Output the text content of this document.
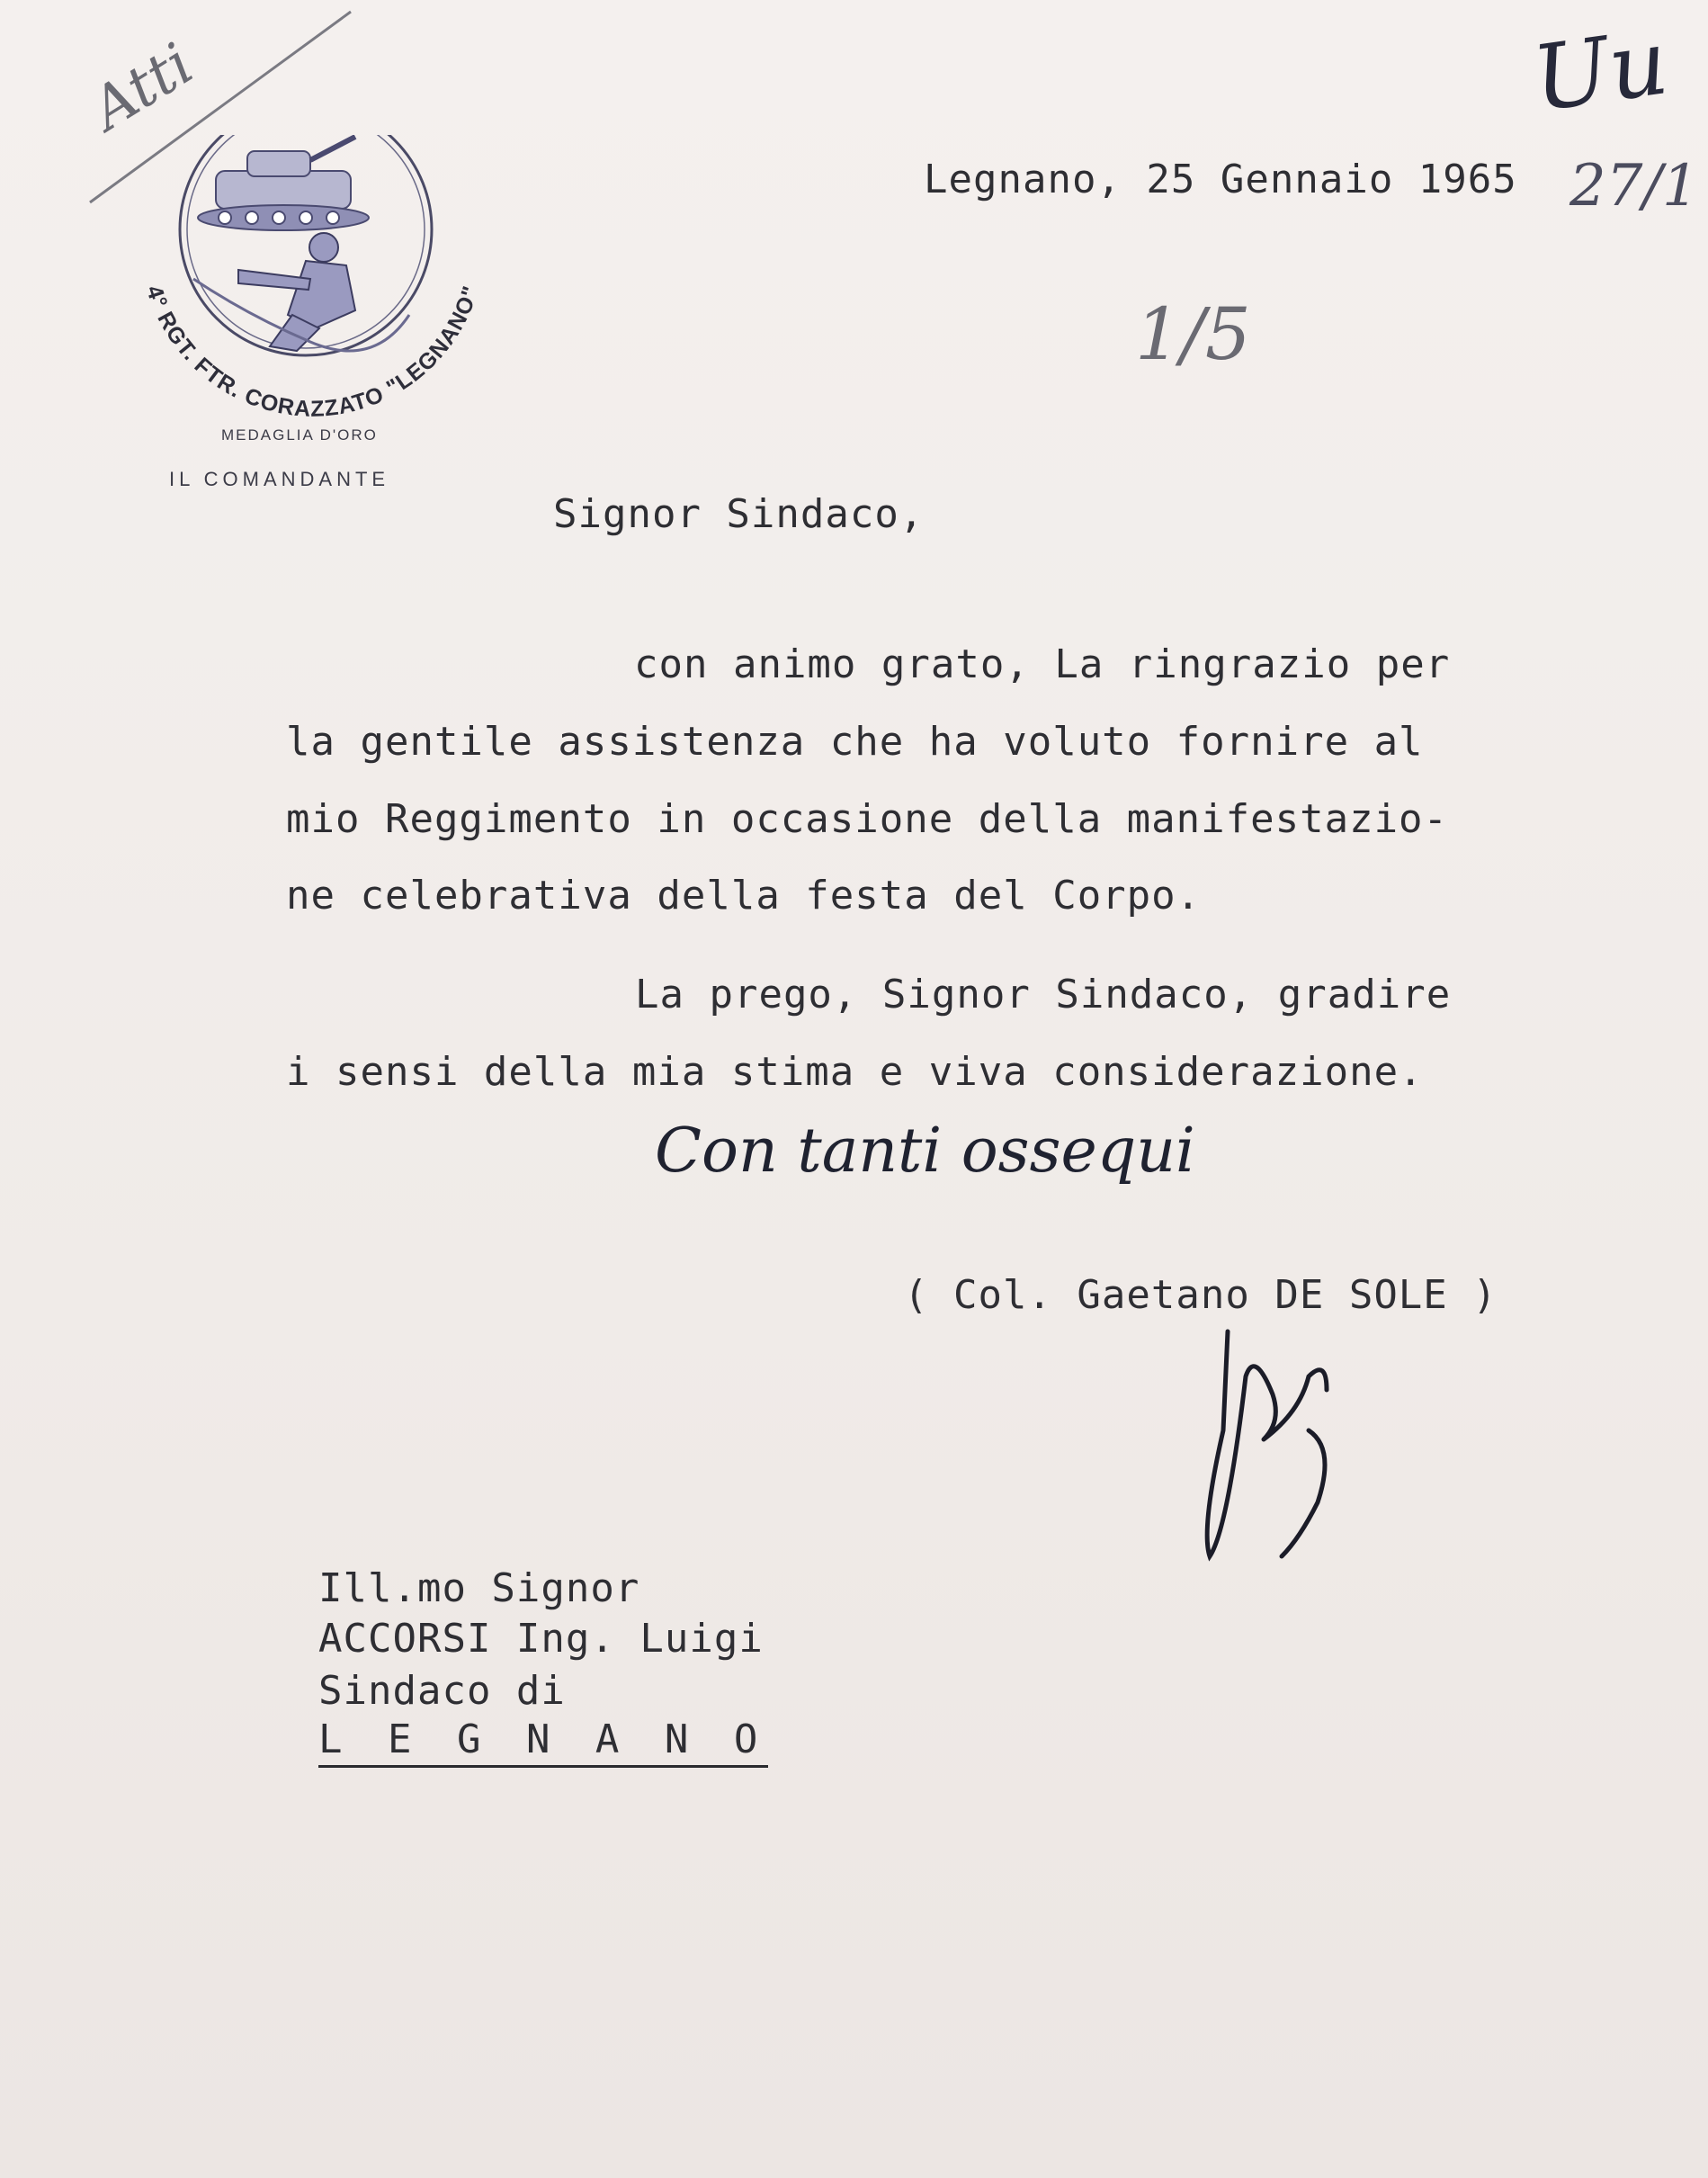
Atti
4° RGT. FTR. CORAZZATO "LEGNANO"
MEDAGLIA D'ORO
IL COMANDANTE
Uu
27/1
Legnano, 25 Gennaio 1965
1/5
Signor Sindaco,
con animo grato, La ringrazio per
la gentile assistenza che ha voluto fornire al
mio Reggimento in occasione della manifestazio-
ne celebrativa della festa del Corpo.
La prego, Signor Sindaco, gradire
i sensi della mia stima e viva considerazione.
Con tanti ossequi
( Col. Gaetano DE SOLE )
Ill.mo Signor
ACCORSI Ing. Luigi
Sindaco di
L E G N A N O
